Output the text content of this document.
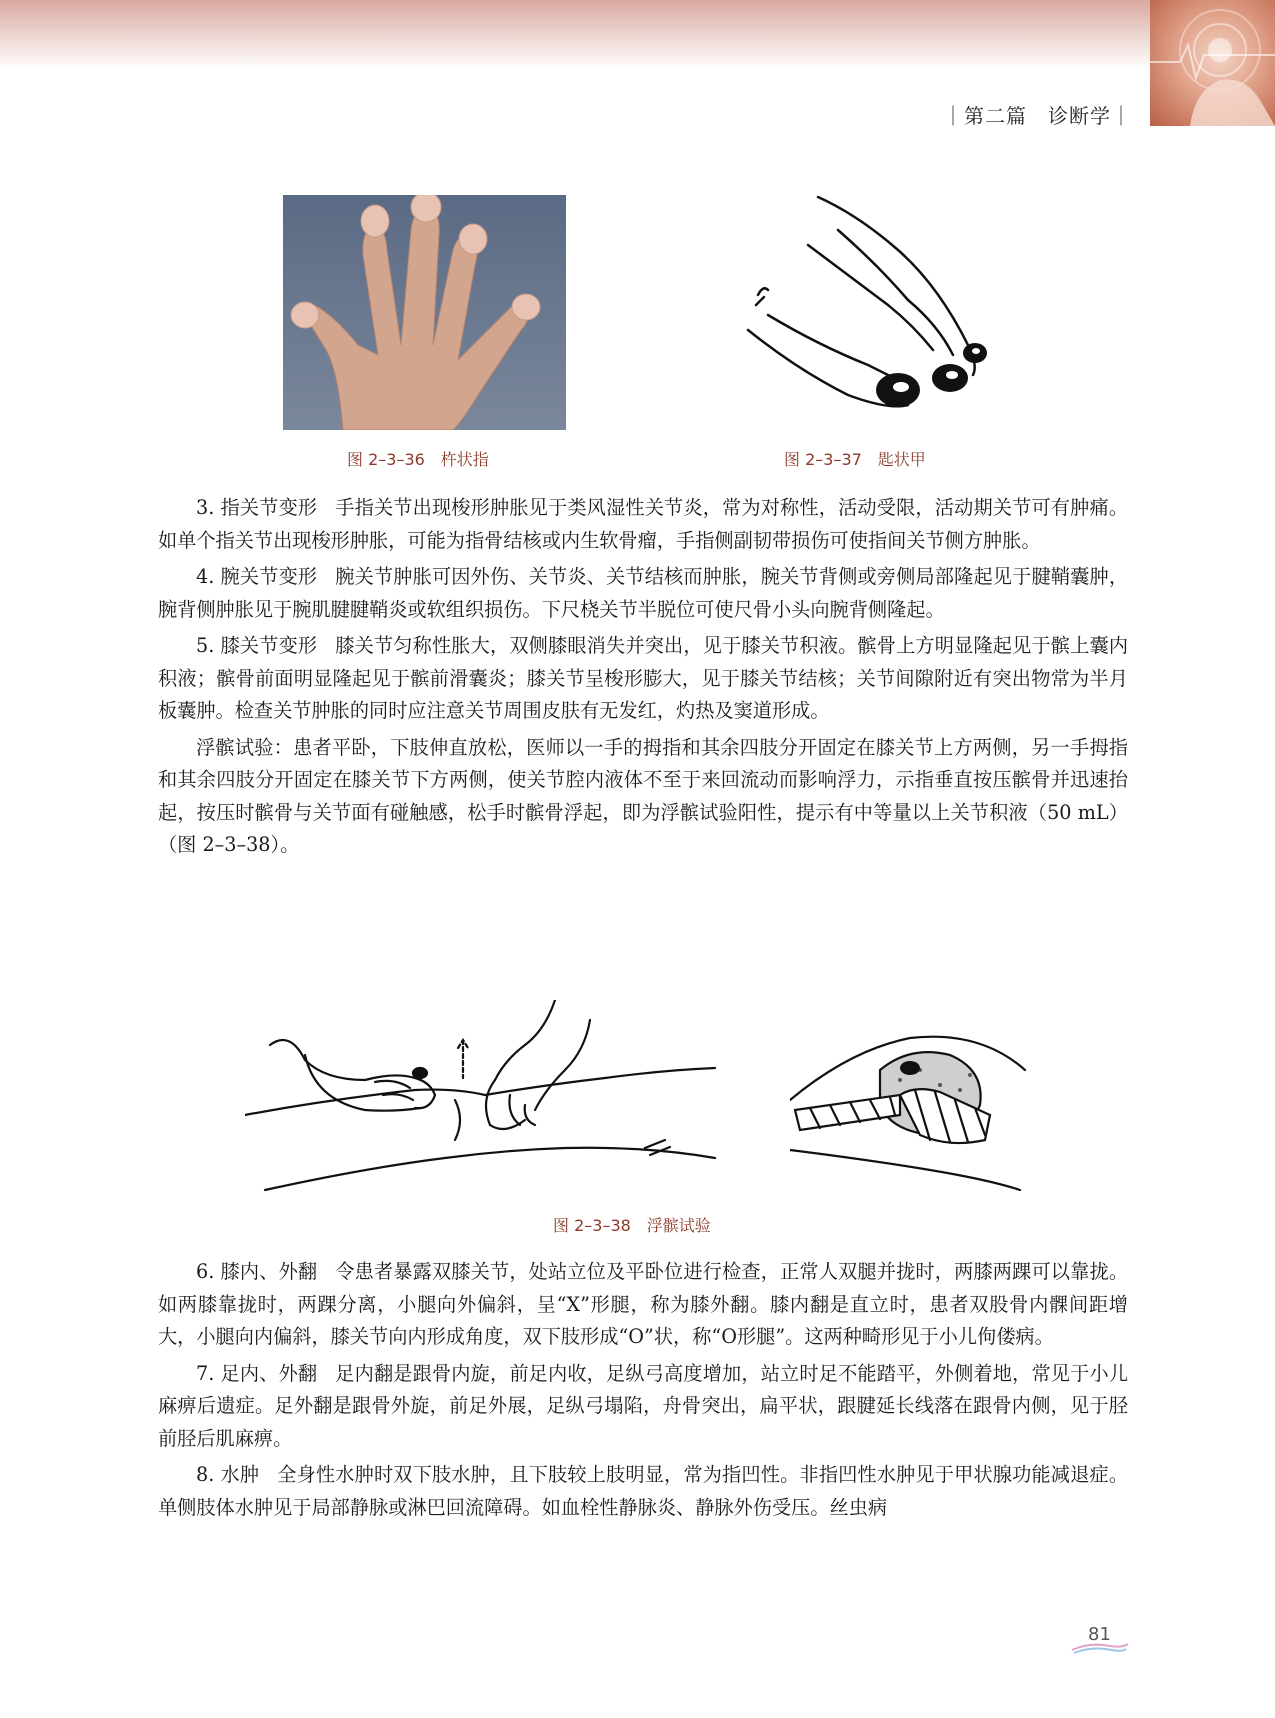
｜第二篇　诊断学｜
图 2–3–36　杵状指	图 2–3–37　匙状甲

3. 指关节变形 手指关节出现梭形肿胀见于类风湿性关节炎，常为对称性，活动受限，活动期关节可有肿痛。如单个指关节出现梭形肿胀，可能为指骨结核或内生软骨瘤，手指侧副韧带损伤可使指间关节侧方肿胀。

4. 腕关节变形 腕关节肿胀可因外伤、关节炎、关节结核而肿胀，腕关节背侧或旁侧局部隆起见于腱鞘囊肿，腕背侧肿胀见于腕肌腱腱鞘炎或软组织损伤。下尺桡关节半脱位可使尺骨小头向腕背侧隆起。

5. 膝关节变形 膝关节匀称性胀大，双侧膝眼消失并突出，见于膝关节积液。髌骨上方明显隆起见于髌上囊内积液；髌骨前面明显隆起见于髌前滑囊炎；膝关节呈梭形膨大，见于膝关节结核；关节间隙附近有突出物常为半月板囊肿。检查关节肿胀的同时应注意关节周围皮肤有无发红，灼热及窦道形成。

浮髌试验：患者平卧，下肢伸直放松，医师以一手的拇指和其余四肢分开固定在膝关节上方两侧，另一手拇指和其余四肢分开固定在膝关节下方两侧，使关节腔内液体不至于来回流动而影响浮力，示指垂直按压髌骨并迅速抬起，按压时髌骨与关节面有碰触感，松手时髌骨浮起，即为浮髌试验阳性，提示有中等量以上关节积液（50 mL）（图 2–3–38）。

图 2–3–38　浮髌试验

6. 膝内、外翻 令患者暴露双膝关节，处站立位及平卧位进行检查，正常人双腿并拢时，两膝两踝可以靠拢。如两膝靠拢时，两踝分离，小腿向外偏斜，呈“X”形腿，称为膝外翻。膝内翻是直立时，患者双股骨内髁间距增大，小腿向内偏斜，膝关节向内形成角度，双下肢形成“O”状，称“O形腿”。这两种畸形见于小儿佝偻病。

7. 足内、外翻 足内翻是跟骨内旋，前足内收，足纵弓高度增加，站立时足不能踏平，外侧着地，常见于小儿麻痹后遗症。足外翻是跟骨外旋，前足外展，足纵弓塌陷，舟骨突出，扁平状，跟腱延长线落在跟骨内侧，见于胫前胫后肌麻痹。

8. 水肿 全身性水肿时双下肢水肿，且下肢较上肢明显，常为指凹性。非指凹性水肿见于甲状腺功能减退症。单侧肢体水肿见于局部静脉或淋巴回流障碍。如血栓性静脉炎、静脉外伤受压。丝虫病

81
